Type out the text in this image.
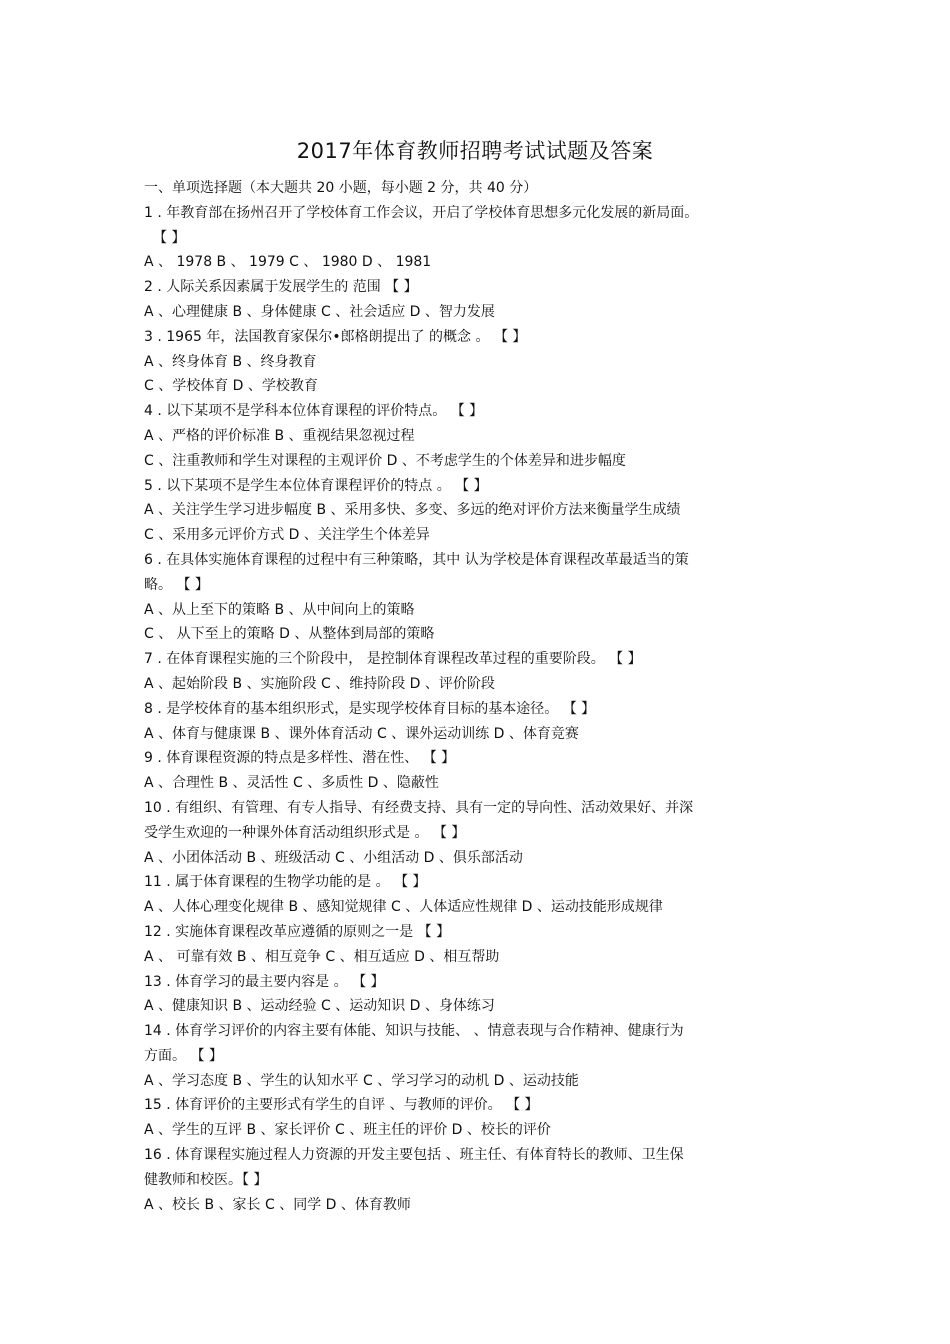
2017年体育教师招聘考试试题及答案
一、单项选择题（本大题共 20 小题，每小题 2 分，共 40 分）
1 . 年教育部在扬州召开了学校体育工作会议，开启了学校体育思想多元化发展的新局面。
【 】
A 、 1978 B 、 1979 C 、 1980 D 、 1981
2 . 人际关系因素属于发展学生的 范围 【 】
A 、心理健康 B 、身体健康 C 、社会适应 D 、智力发展
3 . 1965 年，法国教育家保尔•郎格朗提出了 的概念 。 【 】
A 、终身体育 B 、终身教育
C 、学校体育 D 、学校教育
4 . 以下某项不是学科本位体育课程的评价特点。 【 】
A 、严格的评价标准 B 、重视结果忽视过程
C 、注重教师和学生对课程的主观评价 D 、不考虑学生的个体差异和进步幅度
5 . 以下某项不是学生本位体育课程评价的特点 。 【 】
A 、关注学生学习进步幅度 B 、采用多快、多变、多远的绝对评价方法来衡量学生成绩
C 、采用多元评价方式 D 、关注学生个体差异
6 . 在具体实施体育课程的过程中有三种策略，其中 认为学校是体育课程改革最适当的策
略。 【 】
A 、从上至下的策略 B 、从中间向上的策略
C 、 从下至上的策略 D 、从整体到局部的策略
7 . 在体育课程实施的三个阶段中， 是控制体育课程改革过程的重要阶段。 【 】
A 、起始阶段 B 、实施阶段 C 、维持阶段 D 、评价阶段
8 . 是学校体育的基本组织形式，是实现学校体育目标的基本途径。 【 】
A 、体育与健康课 B 、课外体育活动 C 、课外运动训练 D 、体育竞赛
9 . 体育课程资源的特点是多样性、潜在性、 【 】
A 、合理性 B 、灵活性 C 、多质性 D 、隐蔽性
10 . 有组织、有管理、有专人指导、有经费支持、具有一定的导向性、活动效果好、并深
受学生欢迎的一种课外体育活动组织形式是 。 【 】
A 、小团体活动 B 、班级活动 C 、小组活动 D 、俱乐部活动
11 . 属于体育课程的生物学功能的是 。 【 】
A 、人体心理变化规律 B 、感知觉规律 C 、人体适应性规律 D 、运动技能形成规律
12 . 实施体育课程改革应遵循的原则之一是 【 】
A 、 可靠有效 B 、相互竞争 C 、相互适应 D 、相互帮助
13 . 体育学习的最主要内容是 。 【 】
A 、健康知识 B 、运动经验 C 、运动知识 D 、身体练习
14 . 体育学习评价的内容主要有体能、知识与技能、 、情意表现与合作精神、健康行为
方面。 【 】
A 、学习态度 B 、学生的认知水平 C 、学习学习的动机 D 、运动技能
15 . 体育评价的主要形式有学生的自评 、与教师的评价。 【 】
A 、学生的互评 B 、家长评价 C 、班主任的评价 D 、校长的评价
16 . 体育课程实施过程人力资源的开发主要包括 、班主任、有体育特长的教师、卫生保
健教师和校医。【 】
A 、校长 B 、家长 C 、同学 D 、体育教师
